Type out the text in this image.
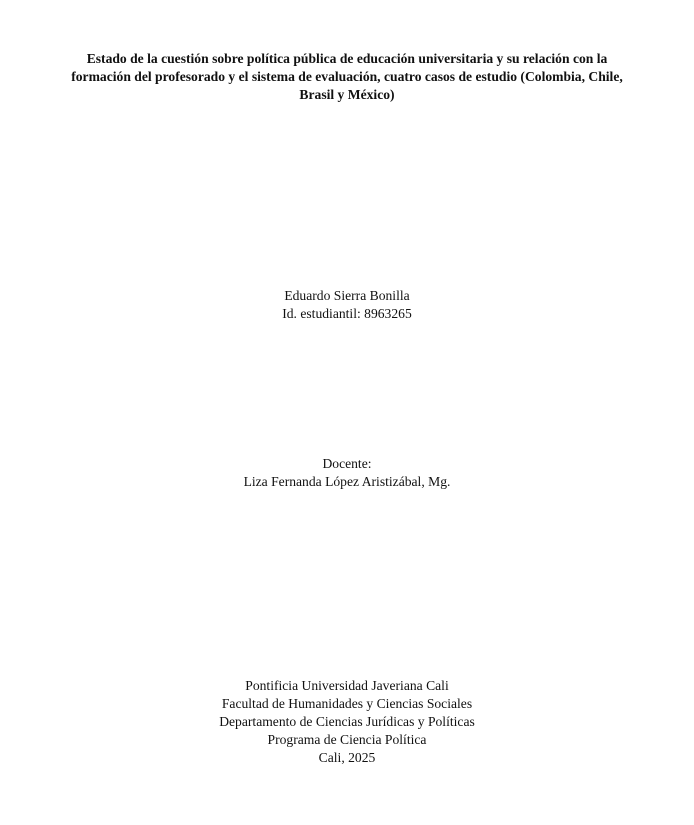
Estado de la cuestión sobre política pública de educación universitaria y su relación con la formación del profesorado y el sistema de evaluación, cuatro casos de estudio (Colombia, Chile, Brasil y México)
Eduardo Sierra Bonilla
Id. estudiantil: 8963265
Docente:
Liza Fernanda López Aristizábal, Mg.
Pontificia Universidad Javeriana Cali
Facultad de Humanidades y Ciencias Sociales
Departamento de Ciencias Jurídicas y Políticas
Programa de Ciencia Política
Cali, 2025
